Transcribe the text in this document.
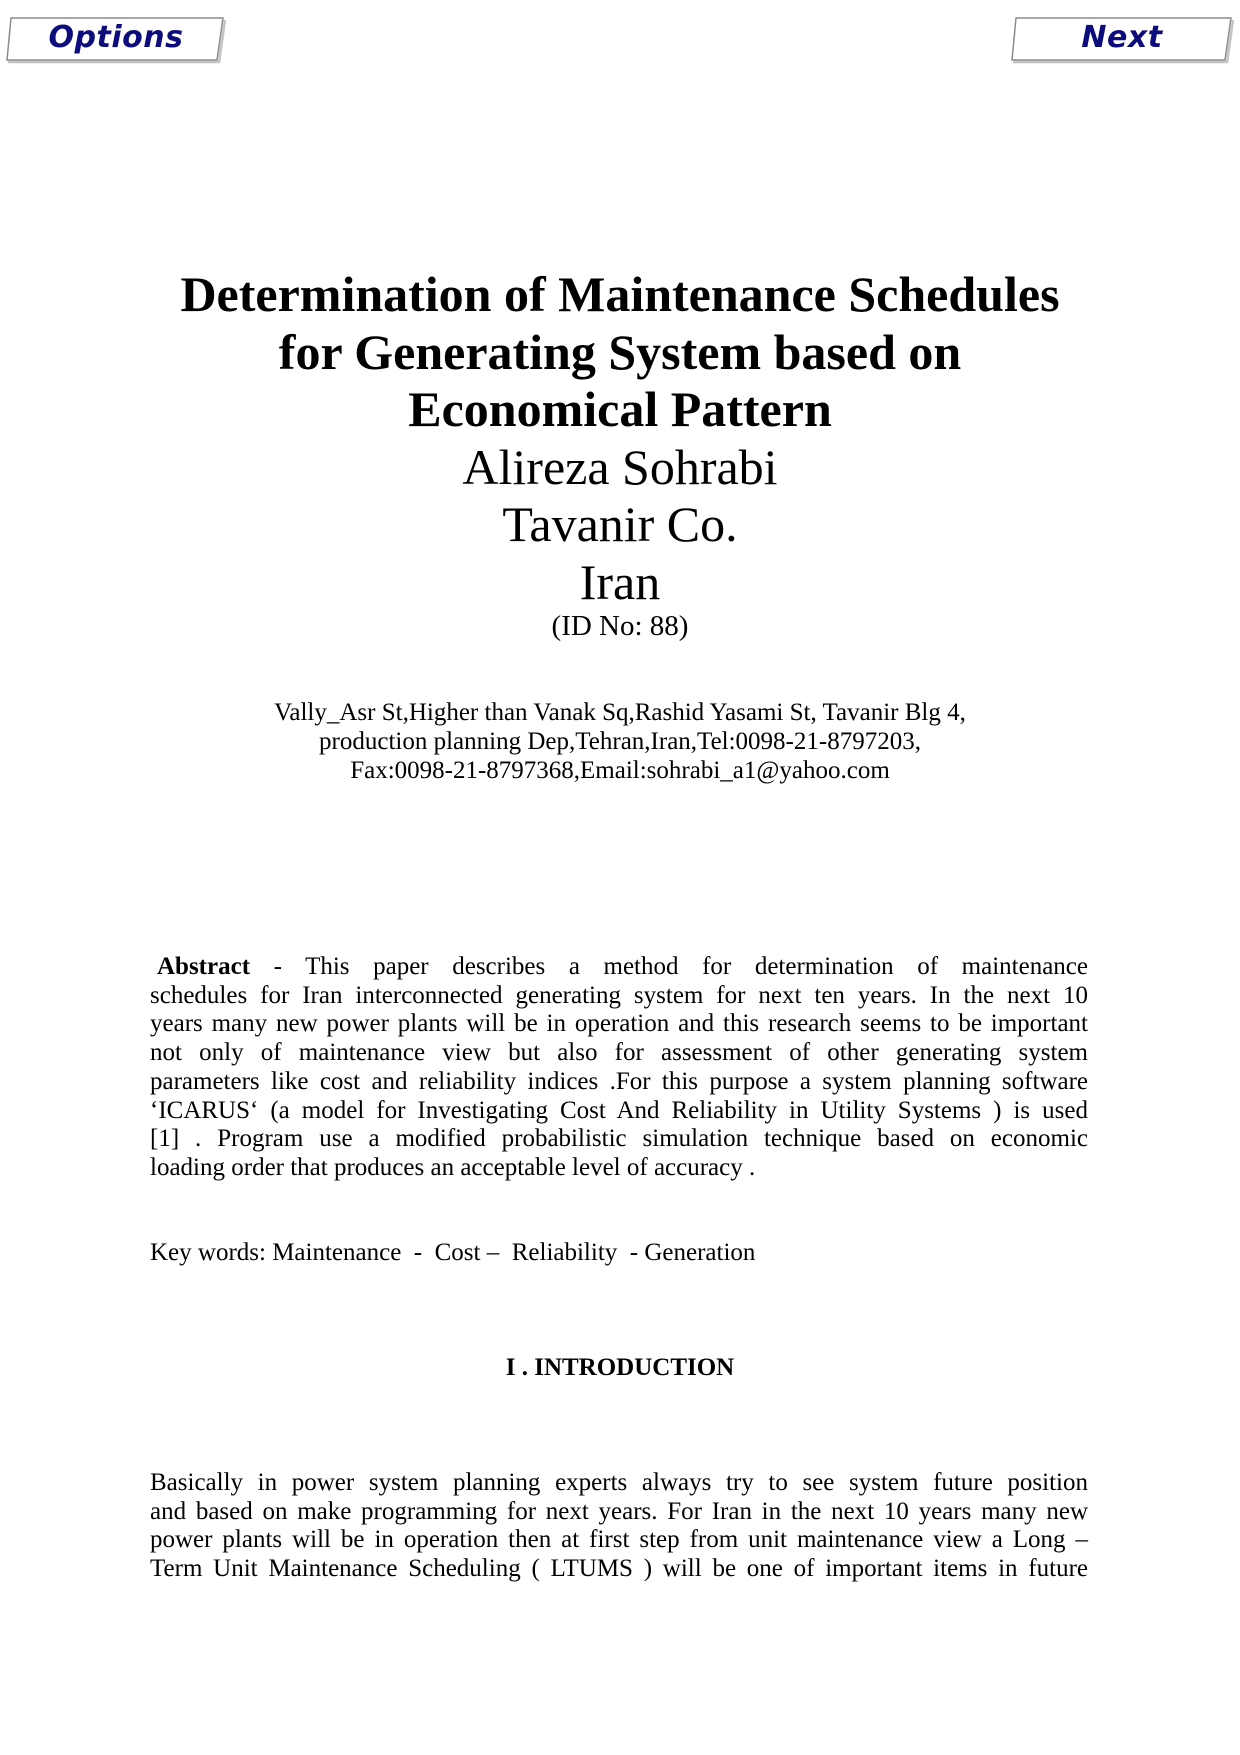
Options	Next
Determination of Maintenance Schedules
for Generating System based on
Economical Pattern
Alireza Sohrabi
Tavanir Co.
Iran
(ID No: 88)
Vally_Asr St,Higher than Vanak Sq,Rashid Yasami St, Tavanir Blg 4,
production planning Dep,Tehran,Iran,Tel:0098-21-8797203,
Fax:0098-21-8797368,Email:sohrabi_a1@yahoo.com
Abstract - This paper describes a method for determination of maintenance
schedules for Iran interconnected generating system for next ten years. In the next 10
years many new power plants will be in operation and this research seems to be important
not only of maintenance view but also for assessment of other generating system
parameters like cost and reliability indices .For this purpose a system planning software
‘ICARUS‘ (a model for Investigating Cost And Reliability in Utility Systems ) is used
[1] . Program use a modified probabilistic simulation technique based on economic
loading order that produces an acceptable level of accuracy .
Key words: Maintenance  -  Cost –  Reliability  - Generation
I . INTRODUCTION
Basically in power system planning experts always try to see system future position
and based on make programming for next years. For Iran in the next 10 years many new
power plants will be in operation then at first step from unit maintenance view a Long –
Term Unit Maintenance Scheduling ( LTUMS ) will be one of important items in future
